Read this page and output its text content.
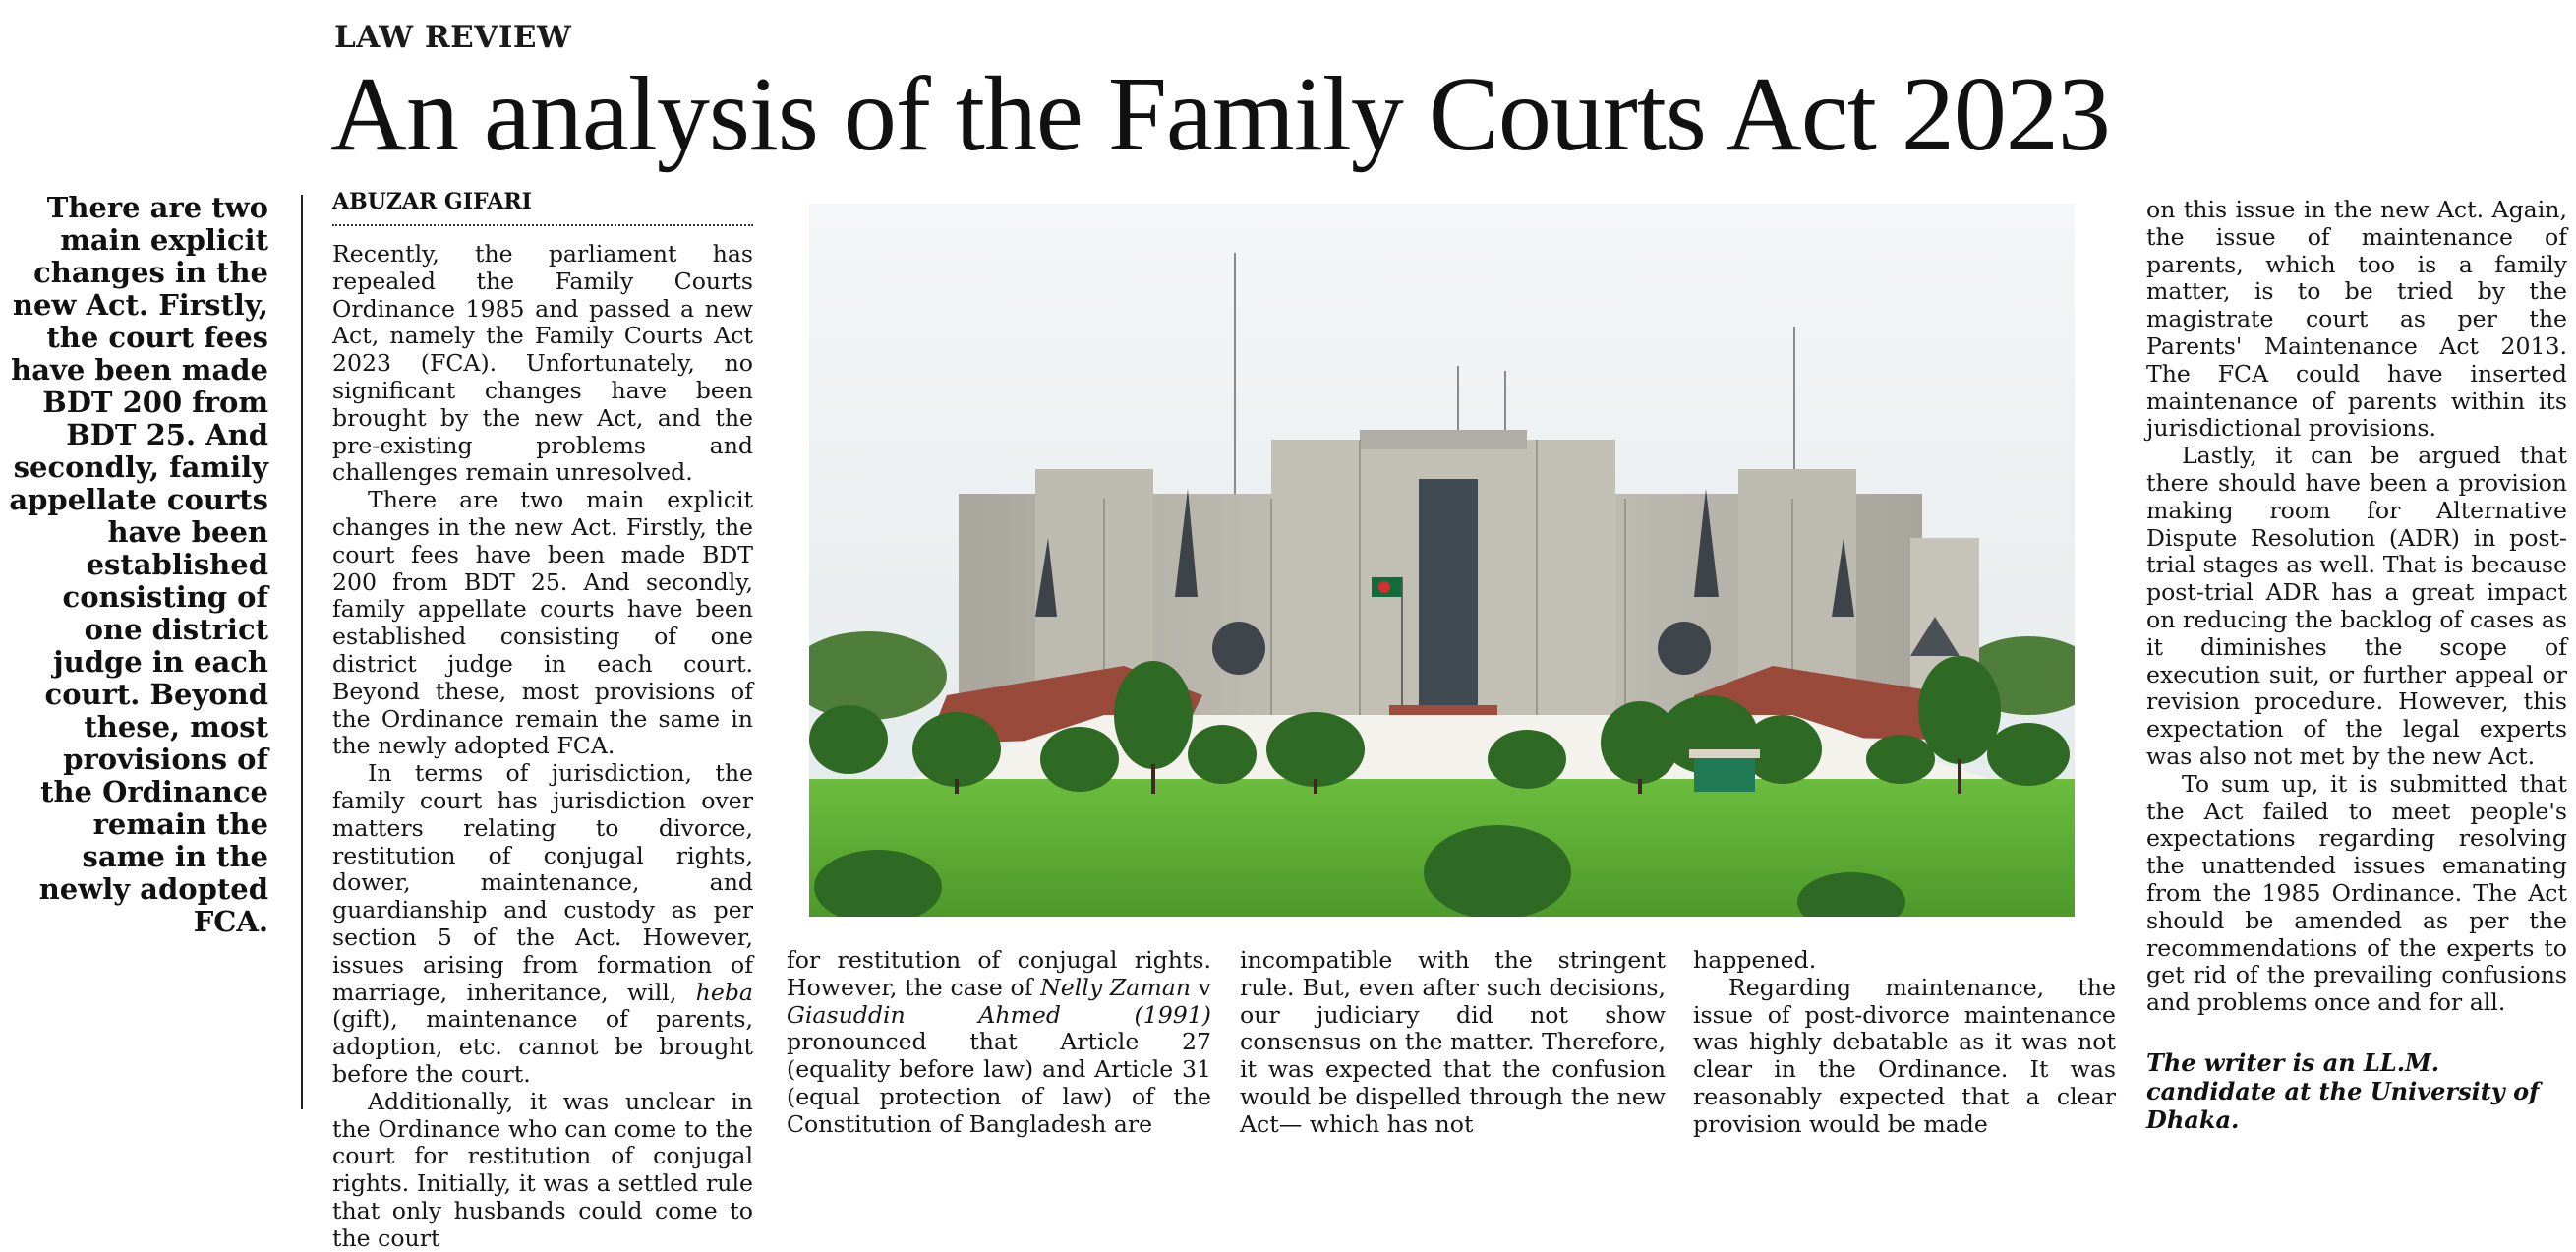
LAW REVIEW
An analysis of the Family Courts Act 2023
There are two main explicit changes in the new Act. Firstly, the court fees have been made BDT 200 from BDT 25. And secondly, family appellate courts have been established consisting of one district judge in each court. Beyond these, most provisions of the Ordinance remain the same in the newly adopted FCA.
ABUZAR GIFARI

Recently, the parliament has repealed the Family Courts Ordinance 1985 and passed a new Act, namely the Family Courts Act 2023 (FCA). Unfortunately, no significant changes have been brought by the new Act, and the pre-existing problems and challenges remain unresolved.

There are two main explicit changes in the new Act. Firstly, the court fees have been made BDT 200 from BDT 25. And secondly, family appellate courts have been established consisting of one district judge in each court. Beyond these, most provisions of the Ordinance remain the same in the newly adopted FCA.

In terms of jurisdiction, the family court has jurisdiction over matters relating to divorce, restitution of conjugal rights, dower, maintenance, and guardianship and custody as per section 5 of the Act. However, issues arising from formation of marriage, inheritance, will, heba (gift), maintenance of parents, adoption, etc. cannot be brought before the court.

Additionally, it was unclear in the Ordinance who can come to the court for restitution of conjugal rights. Initially, it was a settled rule that only husbands could come to the court

for restitution of conjugal rights. However, the case of Nelly Zaman v Giasuddin Ahmed (1991) pronounced that Article 27 (equality before law) and Article 31 (equal protection of law) of the Constitution of Bangladesh are

incompatible with the stringent rule. But, even after such decisions, our judiciary did not show consensus on the matter. Therefore, it was expected that the confusion would be dispelled through the new Act— which has not

happened.

Regarding maintenance, the issue of post-divorce maintenance was highly debatable as it was not clear in the Ordinance. It was reasonably expected that a clear provision would be made

on this issue in the new Act. Again, the issue of maintenance of parents, which too is a family matter, is to be tried by the magistrate court as per the Parents' Maintenance Act 2013. The FCA could have inserted maintenance of parents within its jurisdictional provisions.

Lastly, it can be argued that there should have been a provision making room for Alternative Dispute Resolution (ADR) in post-trial stages as well. That is because post-trial ADR has a great impact on reducing the backlog of cases as it diminishes the scope of execution suit, or further appeal or revision procedure. However, this expectation of the legal experts was also not met by the new Act.

To sum up, it is submitted that the Act failed to meet people's expectations regarding resolving the unattended issues emanating from the 1985 Ordinance. The Act should be amended as per the recommendations of the experts to get rid of the prevailing confusions and problems once and for all.

The writer is an LL.M. candidate at the University of Dhaka.
